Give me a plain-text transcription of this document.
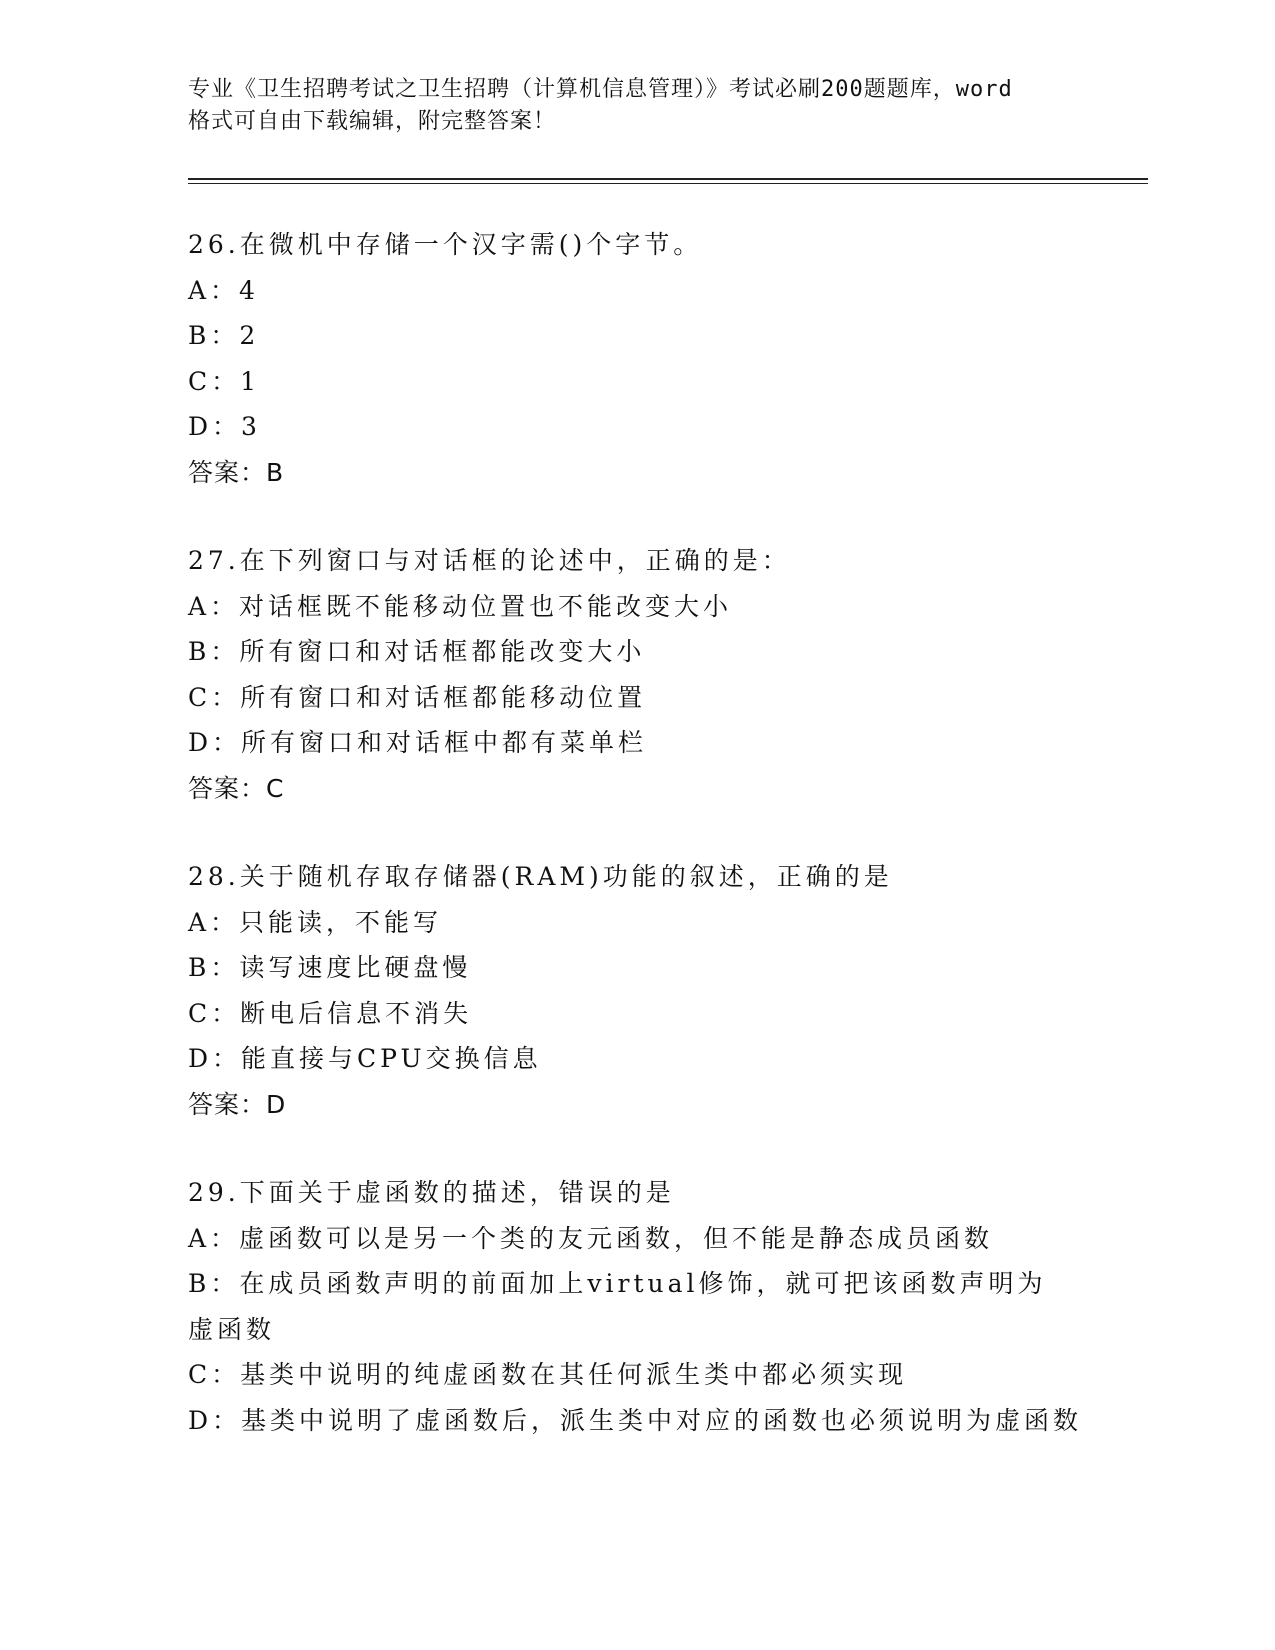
专业《卫生招聘考试之卫生招聘（计算机信息管理）》考试必刷200题题库，word
格式可自由下载编辑，附完整答案！
26.在微机中存储一个汉字需()个字节。
A：4
B：2
C：1
D：3
答案：B
27.在下列窗口与对话框的论述中，正确的是：
A：对话框既不能移动位置也不能改变大小
B：所有窗口和对话框都能改变大小
C：所有窗口和对话框都能移动位置
D：所有窗口和对话框中都有菜单栏
答案：C
28.关于随机存取存储器(RAM)功能的叙述，正确的是
A：只能读，不能写
B：读写速度比硬盘慢
C：断电后信息不消失
D：能直接与CPU交换信息
答案：D
29.下面关于虚函数的描述，错误的是
A：虚函数可以是另一个类的友元函数，但不能是静态成员函数
B：在成员函数声明的前面加上virtual修饰，就可把该函数声明为虚函数
C：基类中说明的纯虚函数在其任何派生类中都必须实现
D：基类中说明了虚函数后，派生类中对应的函数也必须说明为虚函数
